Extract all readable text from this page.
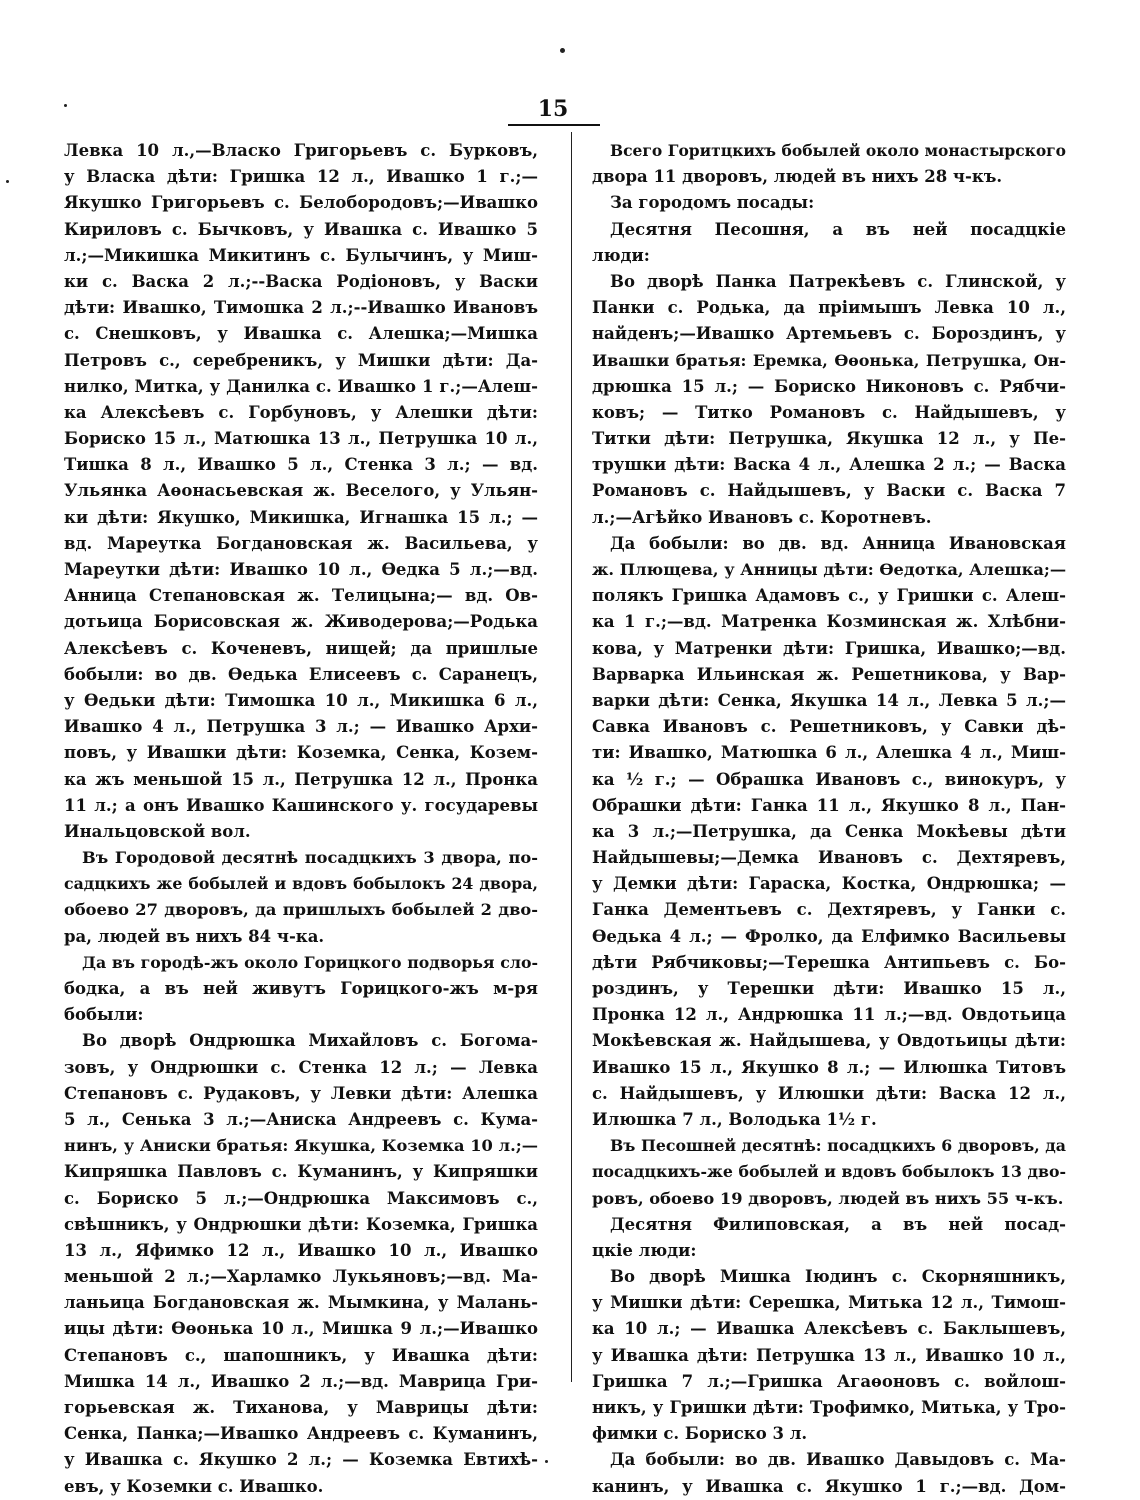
15
Левка 10 л.,—Власко Григорьевъ с. Бурковъ,
у Власка дѣти: Гришка 12 л., Ивашко 1 г.;—
Якушко Григорьевъ с. Белобородовъ;—Ивашко
Кириловъ с. Бычковъ, у Ивашка с. Ивашко 5
л.;—Микишка Микитинъ с. Булычинъ, у Миш-
ки с. Васка 2 л.;--Васка Родіоновъ, у Васки
дѣти: Ивашко, Тимошка 2 л.;--Ивашко Ивановъ
с. Снешковъ, у Ивашка с. Алешка;—Мишка
Петровъ с., серебреникъ, у Мишки дѣти: Да-
нилко, Митка, у Данилка с. Ивашко 1 г.;—Алеш-
ка Алексѣевъ с. Горбуновъ, у Алешки дѣти:
Бориско 15 л., Матюшка 13 л., Петрушка 10 л.,
Тишка 8 л., Ивашко 5 л., Стенка 3 л.; — вд.
Ульянка Аѳонасьевская ж. Веселого, у Ульян-
ки дѣти: Якушко, Микишка, Игнашка 15 л.; —
вд. Мареутка Богдановская ж. Васильева, у
Мареутки дѣти: Ивашко 10 л., Ѳедка 5 л.;—вд.
Анница Степановская ж. Телицына;— вд. Ов-
дотьица Борисовская ж. Живодерова;—Родька
Алексѣевъ с. Коченевъ, нищей; да пришлые
бобыли: во дв. Ѳедька Елисеевъ с. Саранецъ,
у Ѳедьки дѣти: Тимошка 10 л., Микишка 6 л.,
Ивашко 4 л., Петрушка 3 л.; — Ивашко Архи-
повъ, у Ивашки дѣти: Коземка, Сенка, Козем-
ка жъ меньшой 15 л., Петрушка 12 л., Пронка
11 л.; а онъ Ивашко Кашинского у. государевы
Инальцовской вол.
Въ Городовой десятнѣ посадцкихъ 3 двора, по-
садцкихъ же бобылей и вдовъ бобылокъ 24 двора,
обоево 27 дворовъ, да пришлыхъ бобылей 2 дво-
ра, людей въ нихъ 84 ч-ка.
Да въ городѣ-жъ около Горицкого подворья сло-
бодка, а въ ней живутъ Горицкого-жъ м-ря
бобыли:
Во дворѣ Ондрюшка Михайловъ с. Богома-
зовъ, у Ондрюшки с. Стенка 12 л.; — Левка
Степановъ с. Рудаковъ, у Левки дѣти: Алешка
5 л., Сенька 3 л.;—Аниска Андреевъ с. Кума-
нинъ, у Аниски братья: Якушка, Коземка 10 л.;—
Кипряшка Павловъ с. Куманинъ, у Кипряшки
с. Бориско 5 л.;—Ондрюшка Максимовъ с.,
свѣшникъ, у Ондрюшки дѣти: Коземка, Гришка
13 л., Яфимко 12 л., Ивашко 10 л., Ивашко
меньшой 2 л.;—Харламко Лукьяновъ;—вд. Ма-
ланьица Богдановская ж. Мымкина, у Малань-
ицы дѣти: Ѳѳонька 10 л., Мишка 9 л.;—Ивашко
Степановъ с., шапошникъ, у Ивашка дѣти:
Мишка 14 л., Ивашко 2 л.;—вд. Маврица Гри-
горьевская ж. Тиханова, у Маврицы дѣти:
Сенка, Панка;—Ивашко Андреевъ с. Куманинъ,
у Ивашка с. Якушко 2 л.; — Коземка Евтихѣ-
евъ, у Коземки с. Ивашко.
Всего Горитцкихъ бобылей около монастырского
двора 11 дворовъ, людей въ нихъ 28 ч-къ.
За городомъ посады:
Десятня Песошня, а въ ней посадцкіе
люди:
Во дворѣ Панка Патрекѣевъ с. Глинской, у
Панки с. Родька, да пріимышъ Левка 10 л.,
найденъ;—Ивашко Артемьевъ с. Бороздинъ, у
Ивашки братья: Еремка, Ѳѳонька, Петрушка, Он-
дрюшка 15 л.; — Бориско Никоновъ с. Рябчи-
ковъ; — Титко Романовъ с. Найдышевъ, у
Титки дѣти: Петрушка, Якушка 12 л., у Пе-
трушки дѣти: Васка 4 л., Алешка 2 л.; — Васка
Романовъ с. Найдышевъ, у Васки с. Васка 7
л.;—Агѣйко Ивановъ с. Коротневъ.
Да бобыли: во дв. вд. Анница Ивановская
ж. Плющева, у Анницы дѣти: Ѳедотка, Алешка;—
полякъ Гришка Адамовъ с., у Гришки с. Алеш-
ка 1 г.;—вд. Матренка Козминская ж. Хлѣбни-
кова, у Матренки дѣти: Гришка, Ивашко;—вд.
Варварка Ильинская ж. Решетникова, у Вар-
варки дѣти: Сенка, Якушка 14 л., Левка 5 л.;—
Савка Ивановъ с. Решетниковъ, у Савки дѣ-
ти: Ивашко, Матюшка 6 л., Алешка 4 л., Миш-
ка ½ г.; — Обрашка Ивановъ с., винокуръ, у
Обрашки дѣти: Ганка 11 л., Якушко 8 л., Пан-
ка 3 л.;—Петрушка, да Сенка Мокѣевы дѣти
Найдышевы;—Демка Ивановъ с. Дехтяревъ,
у Демки дѣти: Гараска, Костка, Ондрюшка; —
Ганка Дементьевъ с. Дехтяревъ, у Ганки с.
Ѳедька 4 л.; — Фролко, да Елфимко Васильевы
дѣти Рябчиковы;—Терешка Антипьевъ с. Бо-
роздинъ, у Терешки дѣти: Ивашко 15 л.,
Пронка 12 л., Андрюшка 11 л.;—вд. Овдотьица
Мокѣевская ж. Найдышева, у Овдотьицы дѣти:
Ивашко 15 л., Якушко 8 л.; — Илюшка Титовъ
с. Найдышевъ, у Илюшки дѣти: Васка 12 л.,
Илюшка 7 л., Володька 1½ г.
Въ Песошней десятнѣ: посадцкихъ 6 дворовъ, да
посадцкихъ-же бобылей и вдовъ бобылокъ 13 дво-
ровъ, обоево 19 дворовъ, людей въ нихъ 55 ч-къ.
Десятня Филиповская, а въ ней посад-
цкіе люди:
Во дворѣ Мишка Іюдинъ с. Скорняшникъ,
у Мишки дѣти: Серешка, Митька 12 л., Тимош-
ка 10 л.; — Ивашка Алексѣевъ с. Баклышевъ,
у Ивашка дѣти: Петрушка 13 л., Ивашко 10 л.,
Гришка 7 л.;—Гришка Агаѳоновъ с. войлош-
никъ, у Гришки дѣти: Трофимко, Митька, у Тро-
фимки с. Бориско 3 л.
Да бобыли: во дв. Ивашко Давыдовъ с. Ма-
канинъ, у Ивашка с. Якушко 1 г.;—вд. Дом-
